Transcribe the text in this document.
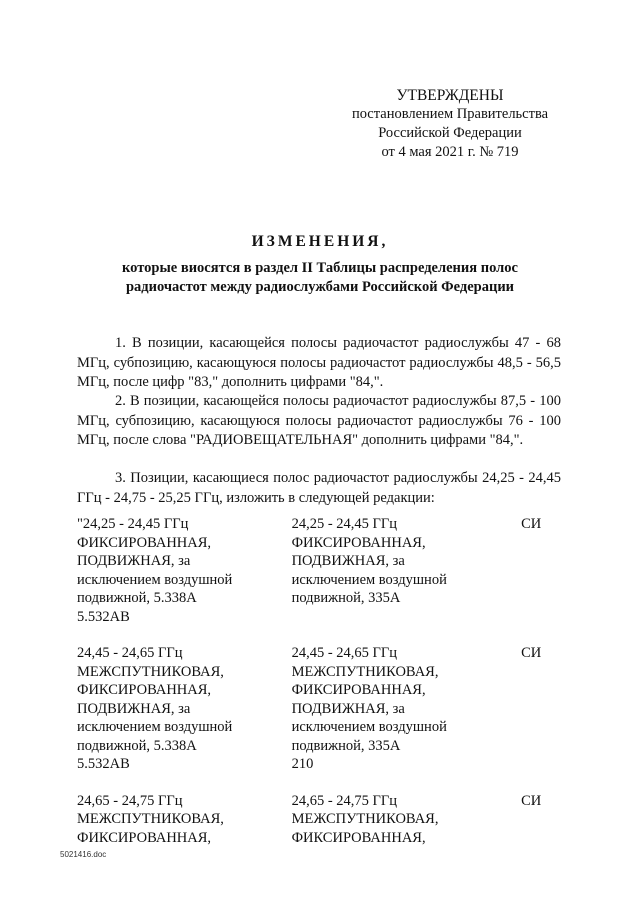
УТВЕРЖДЕНЫ
постановлением Правительства
Российской Федерации
от 4 мая 2021 г. № 719
ИЗМЕНЕНИЯ,
которые виосятся в раздел II Таблицы распределения полос
радиочастот между радиослужбами Российской Федерации

1. В позиции, касающейся полосы радиочастот радиослужбы 47 - 68 МГц, субпозицию, касающуюся полосы радиочастот радиослужбы 48,5 - 56,5 МГц, после цифр "83," дополнить цифрами "84,".

2. В позиции, касающейся полосы радиочастот радиослужбы 87,5 - 100 МГц, субпозицию, касающуюся полосы радиочастот радиослужбы 76 - 100 МГц, после слова "РАДИОВЕЩАТЕЛЬНАЯ" дополнить цифрами "84,".

3. Позиции, касающиеся полос радиочастот радиослужбы 24,25 - 24,45 ГГц - 24,75 - 25,25 ГГц, изложить в следующей редакции:

"24,25 - 24,45 ГГц
ФИКСИРОВАННАЯ,
ПОДВИЖНАЯ, за
исключением воздушной
подвижной, 5.338А
5.532АВ
24,25 - 24,45 ГГц
ФИКСИРОВАННАЯ,
ПОДВИЖНАЯ, за
исключением воздушной
подвижной, 335А
СИ
24,45 - 24,65 ГГц
МЕЖСПУТНИКОВАЯ,
ФИКСИРОВАННАЯ,
ПОДВИЖНАЯ, за
исключением воздушной
подвижной, 5.338А
5.532АВ
24,45 - 24,65 ГГц
МЕЖСПУТНИКОВАЯ,
ФИКСИРОВАННАЯ,
ПОДВИЖНАЯ, за
исключением воздушной
подвижной, 335А
210
СИ
24,65 - 24,75 ГГц
МЕЖСПУТНИКОВАЯ,
ФИКСИРОВАННАЯ,
24,65 - 24,75 ГГц
МЕЖСПУТНИКОВАЯ,
ФИКСИРОВАННАЯ,
СИ
5021416.doc
